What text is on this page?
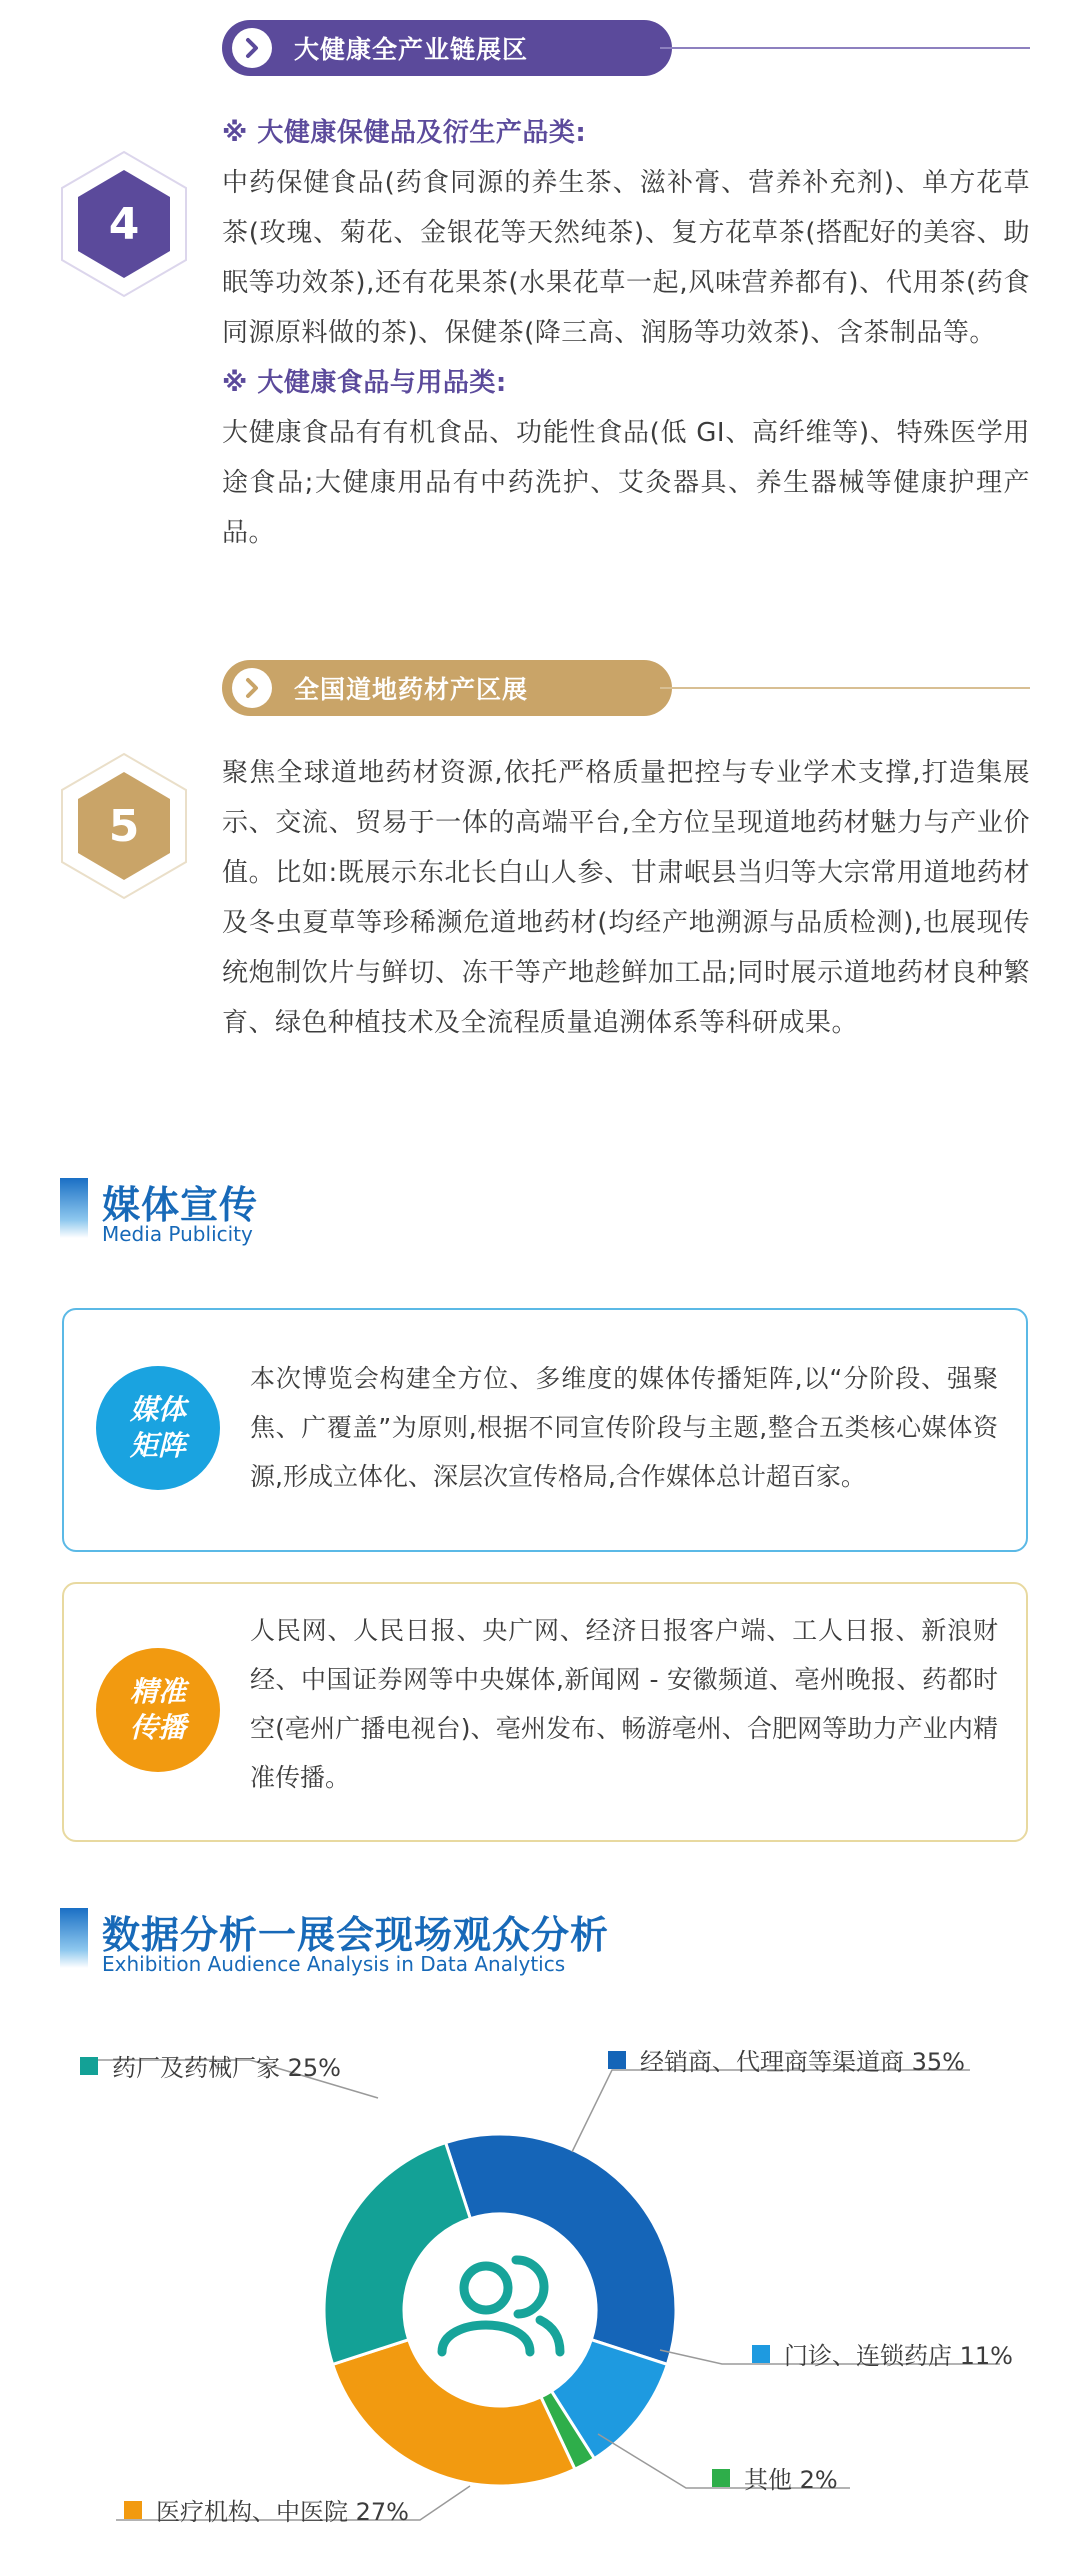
大健康全产业链展区
4
※ 大健康保健品及衍生产品类:
中药保健食品(药食同源的养生茶、滋补膏、营养补充剂)、单方花草茶(玫瑰、菊花、金银花等天然纯茶)、复方花草茶(搭配好的美容、助眠等功效茶),还有花果茶(水果花草一起,风味营养都有)、代用茶(药食同源原料做的茶)、保健茶(降三高、润肠等功效茶)、含茶制品等。
※ 大健康食品与用品类:
大健康食品有有机食品、功能性食品(低 GI、高纤维等)、特殊医学用途食品;大健康用品有中药洗护、艾灸器具、养生器械等健康护理产品。
全国道地药材产区展
5
聚焦全球道地药材资源,依托严格质量把控与专业学术支撑,打造集展示、交流、贸易于一体的高端平台,全方位呈现道地药材魅力与产业价值。比如:既展示东北长白山人参、甘肃岷县当归等大宗常用道地药材及冬虫夏草等珍稀濒危道地药材(均经产地溯源与品质检测),也展现传统炮制饮片与鲜切、冻干等产地趁鲜加工品;同时展示道地药材良种繁育、绿色种植技术及全流程质量追溯体系等科研成果。
媒体宣传
Media Publicity
媒体
矩阵
本次博览会构建全方位、多维度的媒体传播矩阵,以“分阶段、强聚焦、广覆盖”为原则,根据不同宣传阶段与主题,整合五类核心媒体资源,形成立体化、深层次宣传格局,合作媒体总计超百家。
精准
传播
人民网、人民日报、央广网、经济日报客户端、工人日报、新浪财经、中国证券网等中央媒体,新闻网 - 安徽频道、亳州晚报、药都时空(亳州广播电视台)、亳州发布、畅游亳州、合肥网等助力产业内精准传播。
数据分析一展会现场观众分析
Exhibition Audience Analysis in Data Analytics
药厂及药械厂家 25%	经销商、代理商等渠道商 35%
门诊、连锁药店 11%
其他 2%
医疗机构、中医院 27%
